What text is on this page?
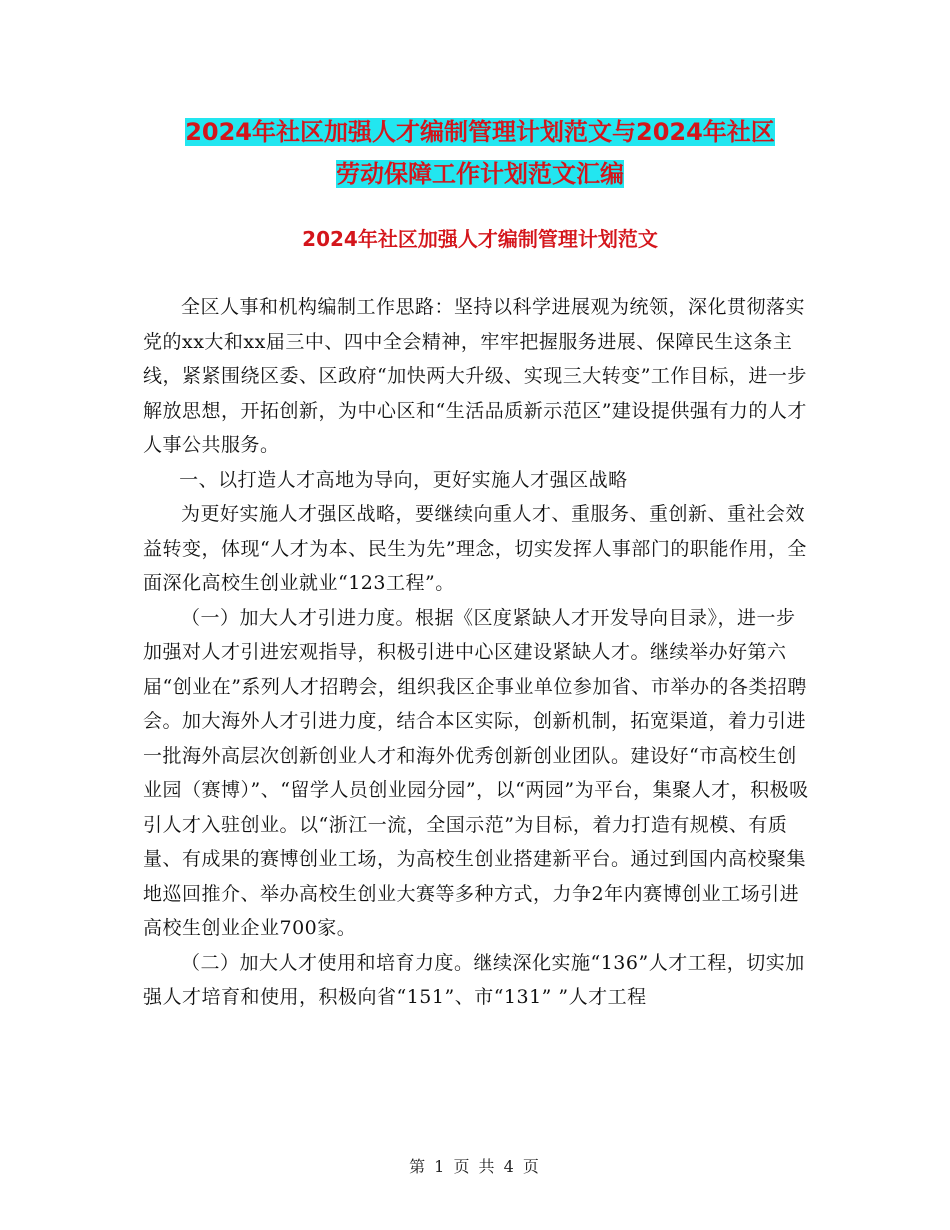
2024年社区加强人才编制管理计划范文与2024年社区
劳动保障工作计划范文汇编
2024年社区加强人才编制管理计划范文

全区人事和机构编制工作思路：坚持以科学进展观为统领，深化贯彻落实党的xx大和xx届三中、四中全会精神，牢牢把握服务进展、保障民生这条主线，紧紧围绕区委、区政府“加快两大升级、实现三大转变”工作目标，进一步解放思想，开拓创新，为中心区和“生活品质新示范区”建设提供强有力的人才人事公共服务。

一、以打造人才高地为导向，更好实施人才强区战略

为更好实施人才强区战略，要继续向重人才、重服务、重创新、重社会效益转变，体现“人才为本、民生为先”理念，切实发挥人事部门的职能作用，全面深化高校生创业就业“123工程”。

（一）加大人才引进力度。根据《区度紧缺人才开发导向目录》，进一步加强对人才引进宏观指导，积极引进中心区建设紧缺人才。继续举办好第六届“创业在”系列人才招聘会，组织我区企事业单位参加省、市举办的各类招聘会。加大海外人才引进力度，结合本区实际，创新机制，拓宽渠道，着力引进一批海外高层次创新创业人才和海外优秀创新创业团队。建设好“市高校生创业园（赛博）”、“留学人员创业园分园”，以“两园”为平台，集聚人才，积极吸引人才入驻创业。以“浙江一流，全国示范”为目标，着力打造有规模、有质量、有成果的赛博创业工场，为高校生创业搭建新平台。通过到国内高校聚集地巡回推介、举办高校生创业大赛等多种方式，力争2年内赛博创业工场引进高校生创业企业700家。

（二）加大人才使用和培育力度。继续深化实施“136”人才工程，切实加强人才培育和使用，积极向省“151”、市“131” ”人才工程

第 1 页 共 4 页
